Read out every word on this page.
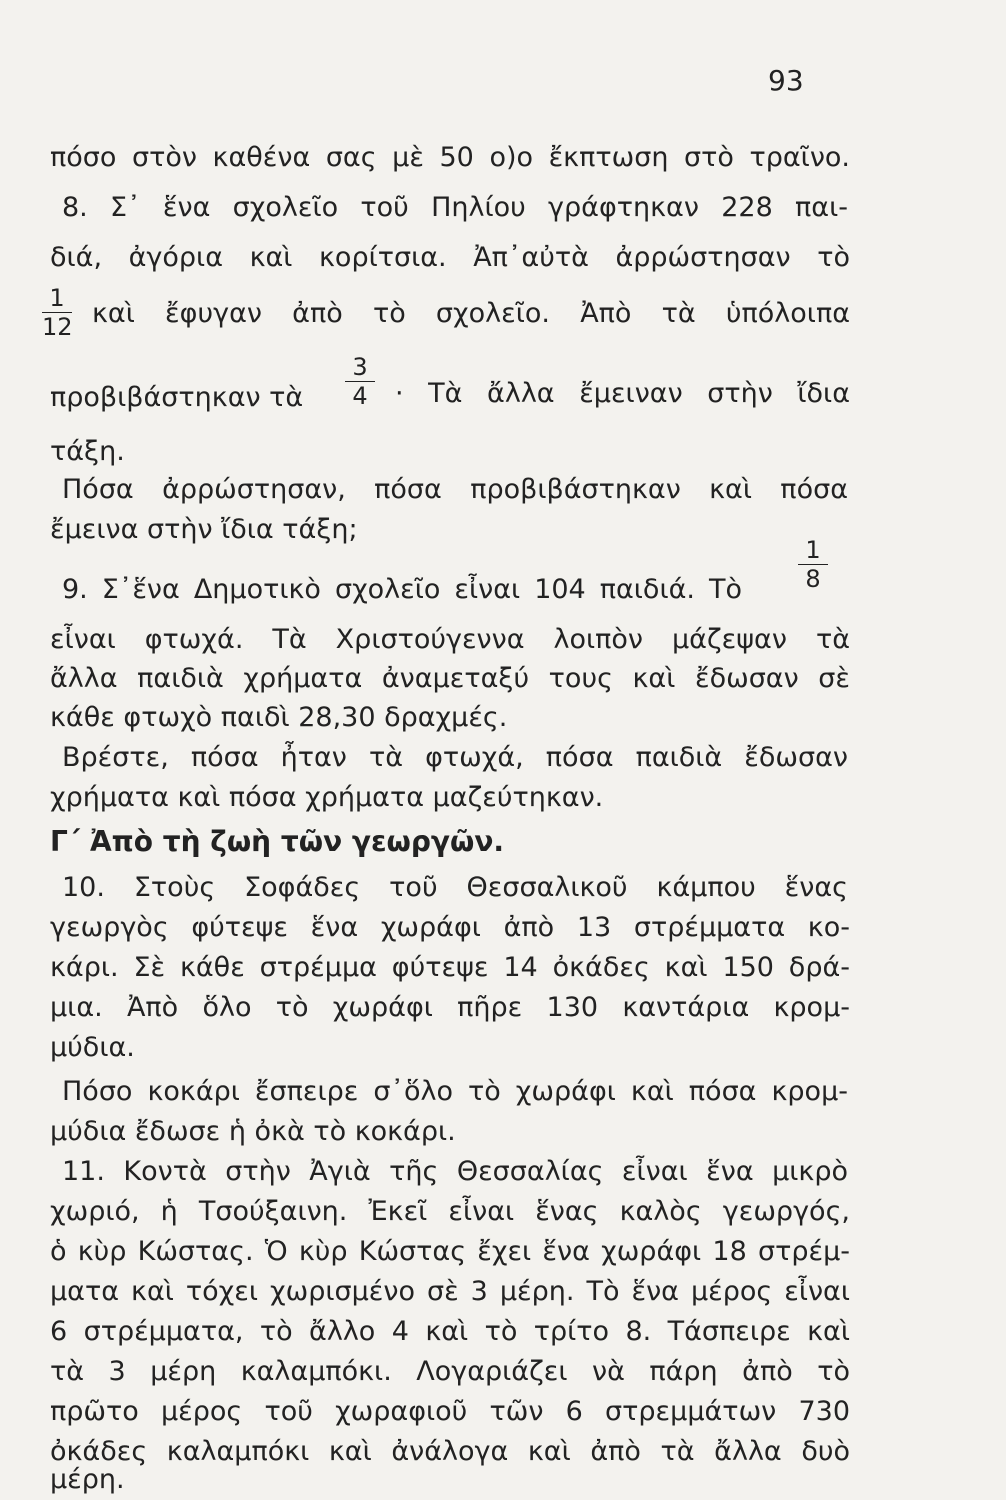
93
πόσο στὸν καθένα σας μὲ 50 ο)ο ἔκπτωση στὸ τραῖνο.
8. Σ᾿ ἕνα σχολεῖο τοῦ Πηλίου γράφτηκαν 228 παι-
διά, ἀγόρια καὶ κορίτσια. Ἀπ᾿αὐτὰ ἀρρώστησαν τὸ
1
12 καὶ ἔφυγαν ἀπὸ τὸ σχολεῖο. Ἀπὸ τὰ ὑπόλοιπα
προβιβάστηκαν τὰ
3
4 · Τὰ ἄλλα ἔμειναν στὴν ἴδια
τάξη.
Πόσα ἀρρώστησαν, πόσα προβιβάστηκαν καὶ πόσα
ἔμεινα στὴν ἴδια τάξη;
9. Σ᾿ἕνα Δημοτικὸ σχολεῖο εἶναι 104 παιδιά. Τὸ
1
8
εἶναι φτωχά. Τὰ Χριστούγεννα λοιπὸν μάζεψαν τὰ
ἄλλα παιδιὰ χρήματα ἀναμεταξύ τους καὶ ἔδωσαν σὲ
κάθε φτωχὸ παιδὶ 28,30 δραχμές.
Βρέστε, πόσα ἦταν τὰ φτωχά, πόσα παιδιὰ ἔδωσαν
χρήματα καὶ πόσα χρήματα μαζεύτηκαν.
Γ΄ Ἀπὸ τὴ ζωὴ τῶν γεωργῶν.
10. Στοὺς Σοφάδες τοῦ Θεσσαλικοῦ κάμπου ἕνας
γεωργὸς φύτεψε ἕνα χωράφι ἀπὸ 13 στρέμματα κο-
κάρι. Σὲ κάθε στρέμμα φύτεψε 14 ὀκάδες καὶ 150 δρά-
μια. Ἀπὸ ὅλο τὸ χωράφι πῆρε 130 καντάρια κρομ-
μύδια.
Πόσο κοκάρι ἔσπειρε σ᾿ὅλο τὸ χωράφι καὶ πόσα κρομ-
μύδια ἔδωσε ἡ ὀκὰ τὸ κοκάρι.
11. Κοντὰ στὴν Ἀγιὰ τῆς Θεσσαλίας εἶναι ἕνα μικρὸ
χωριό, ἡ Τσούξαινη. Ἐκεῖ εἶναι ἕνας καλὸς γεωργός,
ὁ κὺρ Κώστας. Ὁ κὺρ Κώστας ἔχει ἕνα χωράφι 18 στρέμ-
ματα καὶ τόχει χωρισμένο σὲ 3 μέρη. Τὸ ἕνα μέρος εἶναι
6 στρέμματα, τὸ ἄλλο 4 καὶ τὸ τρίτο 8. Τάσπειρε καὶ
τὰ 3 μέρη καλαμπόκι. Λογαριάζει νὰ πάρη ἀπὸ τὸ
πρῶτο μέρος τοῦ χωραφιοῦ τῶν 6 στρεμμάτων 730
ὀκάδες καλαμπόκι καὶ ἀνάλογα καὶ ἀπὸ τὰ ἄλλα δυὸ
μέρη.
